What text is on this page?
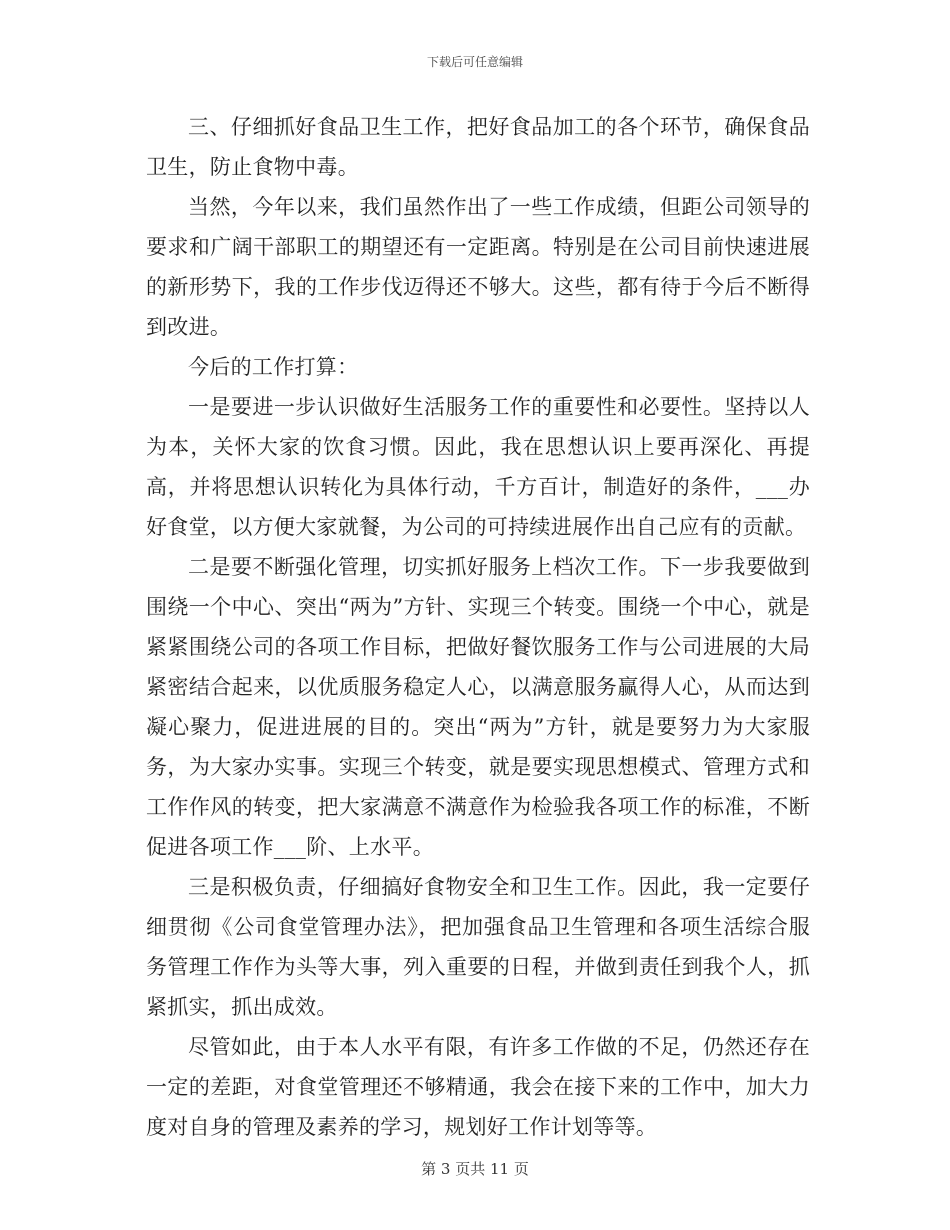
下载后可任意编辑

三、仔细抓好食品卫生工作，把好食品加工的各个环节，确保食品卫生，防止食物中毒。

当然，今年以来，我们虽然作出了一些工作成绩，但距公司领导的要求和广阔干部职工的期望还有一定距离。特别是在公司目前快速进展的新形势下，我的工作步伐迈得还不够大。这些，都有待于今后不断得到改进。

今后的工作打算：

一是要进一步认识做好生活服务工作的重要性和必要性。坚持以人为本，关怀大家的饮食习惯。因此，我在思想认识上要再深化、再提高，并将思想认识转化为具体行动，千方百计，制造好的条件，___办好食堂，以方便大家就餐，为公司的可持续进展作出自己应有的贡献。

二是要不断强化管理，切实抓好服务上档次工作。下一步我要做到围绕一个中心、突出“两为”方针、实现三个转变。围绕一个中心，就是紧紧围绕公司的各项工作目标，把做好餐饮服务工作与公司进展的大局紧密结合起来，以优质服务稳定人心，以满意服务赢得人心，从而达到凝心聚力，促进进展的目的。突出“两为”方针，就是要努力为大家服务，为大家办实事。实现三个转变，就是要实现思想模式、管理方式和工作作风的转变，把大家满意不满意作为检验我各项工作的标准，不断促进各项工作___阶、上水平。

三是积极负责，仔细搞好食物安全和卫生工作。因此，我一定要仔细贯彻《公司食堂管理办法》，把加强食品卫生管理和各项生活综合服务管理工作作为头等大事，列入重要的日程，并做到责任到我个人，抓紧抓实，抓出成效。

尽管如此，由于本人水平有限，有许多工作做的不足，仍然还存在一定的差距，对食堂管理还不够精通，我会在接下来的工作中，加大力度对自身的管理及素养的学习，规划好工作计划等等。

第 3 页共 11 页
